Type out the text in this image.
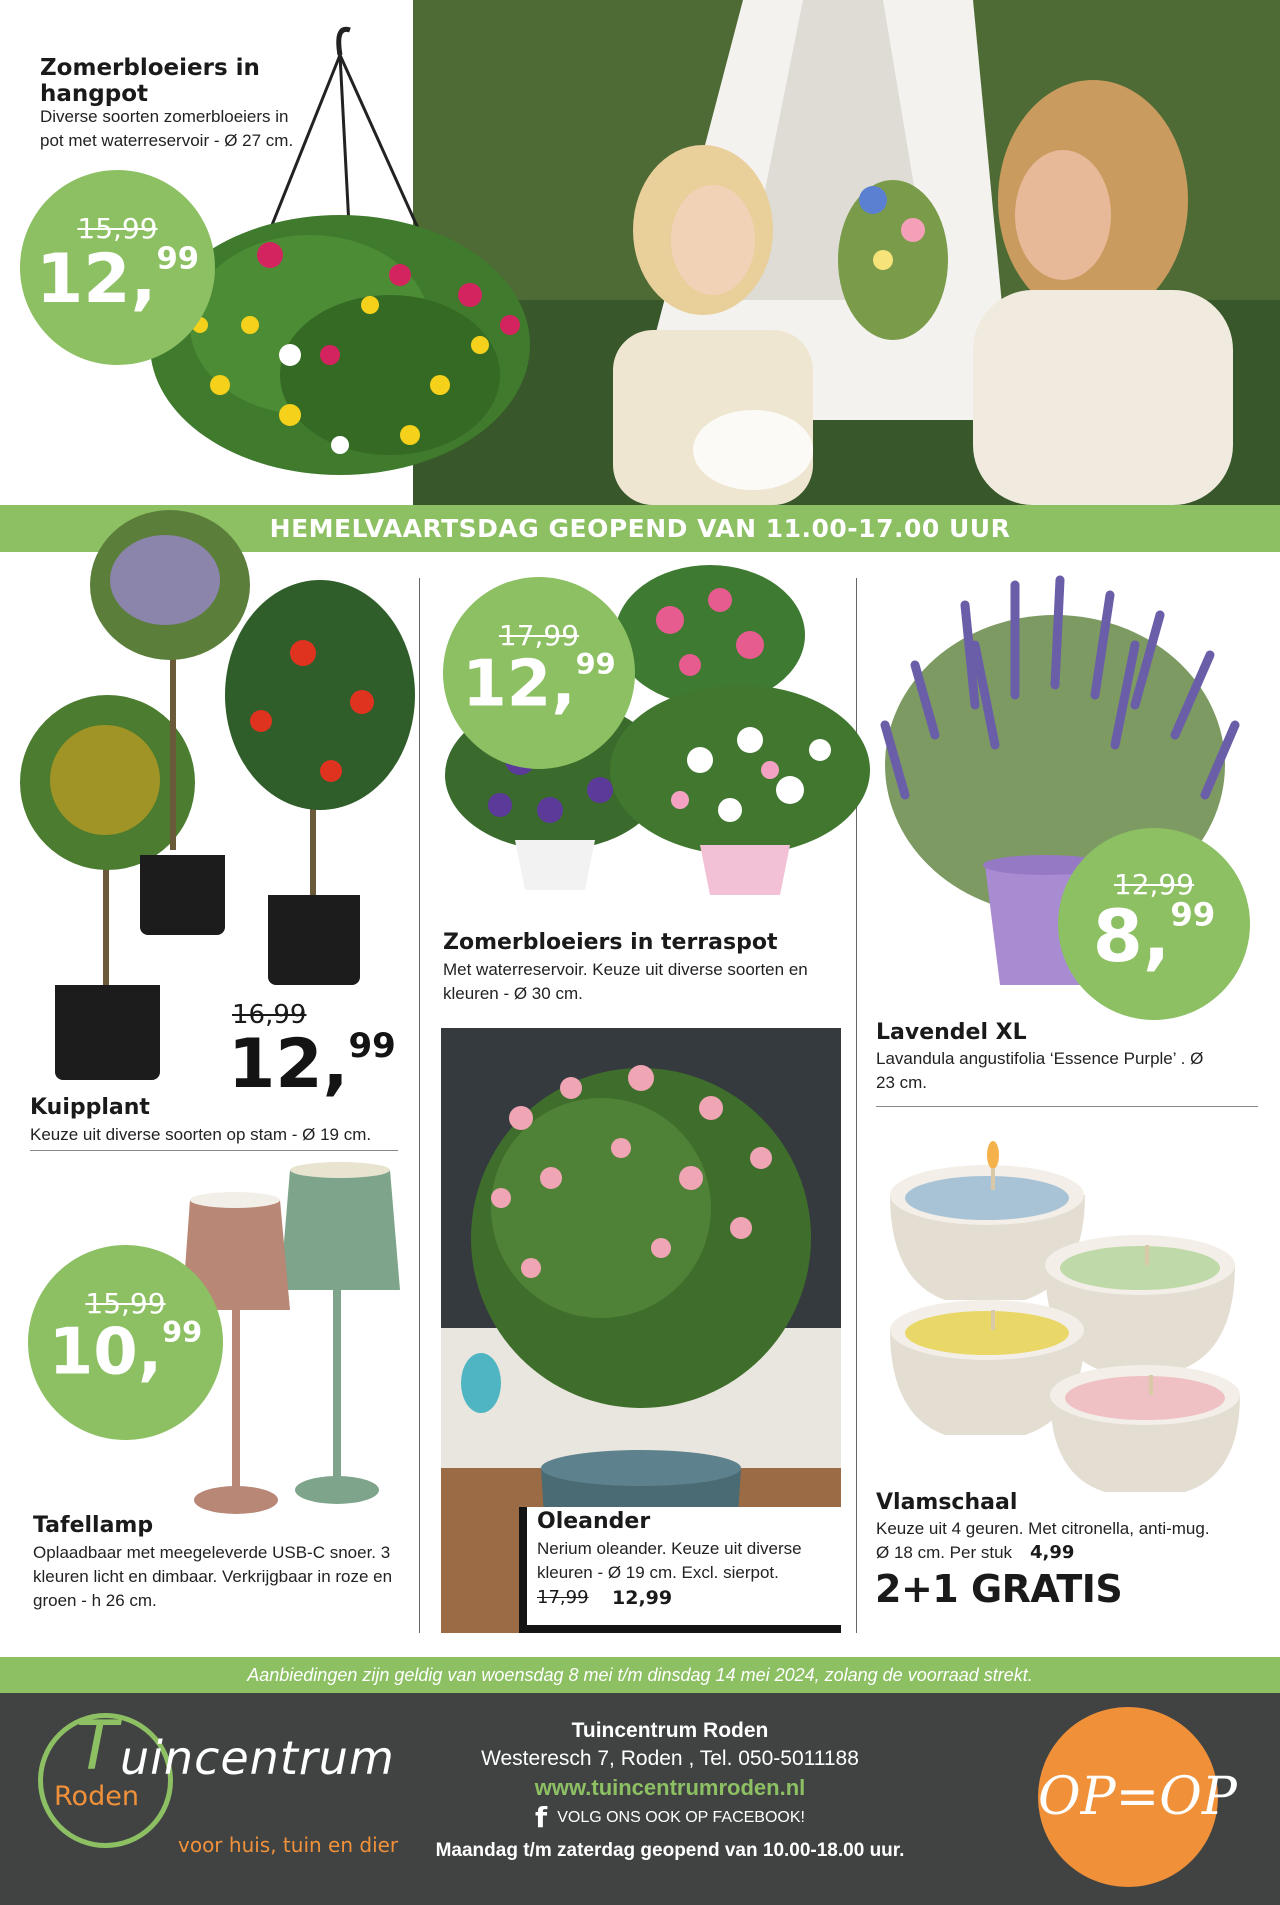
Zomerbloeiers in hangpot
Diverse soorten zomerbloeiers in pot met waterreservoir - Ø 27 cm.
15,99
12,99
HEMELVAARTSDAG GEOPEND VAN 11.00-17.00 UUR
16,99
12,99
Kuipplant
Keuze uit diverse soorten op stam - Ø 19 cm.
15,99
10,99
Tafellamp
Oplaadbaar met meegeleverde USB-C snoer. 3 kleuren licht en dimbaar. Verkrijgbaar in roze en groen - h 26 cm.
17,99
12,99
Zomerbloeiers in terraspot
Met waterreservoir. Keuze uit diverse soorten en kleuren - Ø 30 cm.
Oleander
Nerium oleander. Keuze uit diverse kleuren - Ø 19 cm. Excl. sierpot.
17,99 12,99
12,99
8,99
Lavendel XL
Lavandula angustifolia ‘Essence Purple’ . Ø 23 cm.
Vlamschaal
Keuze uit 4 geuren. Met citronella, anti-mug.
Ø 18 cm. Per stuk 4,99
2+1 GRATIS
Aanbiedingen zijn geldig van woensdag 8 mei t/m dinsdag 14 mei 2024, zolang de voorraad strekt.
T uincentrum
Roden
voor huis, tuin en dier
Tuincentrum Roden
Westeresch 7, Roden , Tel. 050-5011188
www.tuincentrumroden.nl
f VOLG ONS OOK OP FACEBOOK!
Maandag t/m zaterdag geopend van 10.00-18.00 uur.
OP=OP
